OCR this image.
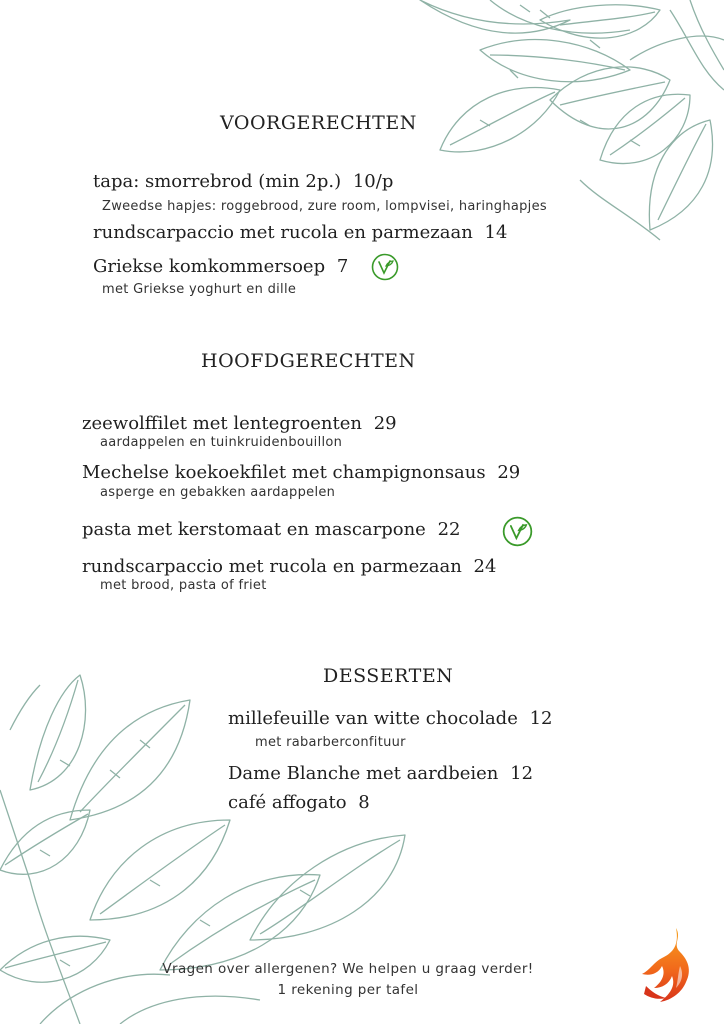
VOORGERECHTEN
tapa: smorrebrod (min 2p.) 10/p
Zweedse hapjes: roggebrood, zure room, lompvisei, haringhapjes
rundscarpaccio met rucola en parmezaan 14
Griekse komkommersoep 7
met Griekse yoghurt en dille
HOOFDGERECHTEN
zeewolffilet met lentegroenten 29
aardappelen en tuinkruidenbouillon
Mechelse koekoekfilet met champignonsaus 29
asperge en gebakken aardappelen
pasta met kerstomaat en mascarpone 22
rundscarpaccio met rucola en parmezaan 24
met brood, pasta of friet
DESSERTEN
millefeuille van witte chocolade 12
met rabarberconfituur
Dame Blanche met aardbeien 12
café affogato 8
Vragen over allergenen? We helpen u graag verder!
1 rekening per tafel
